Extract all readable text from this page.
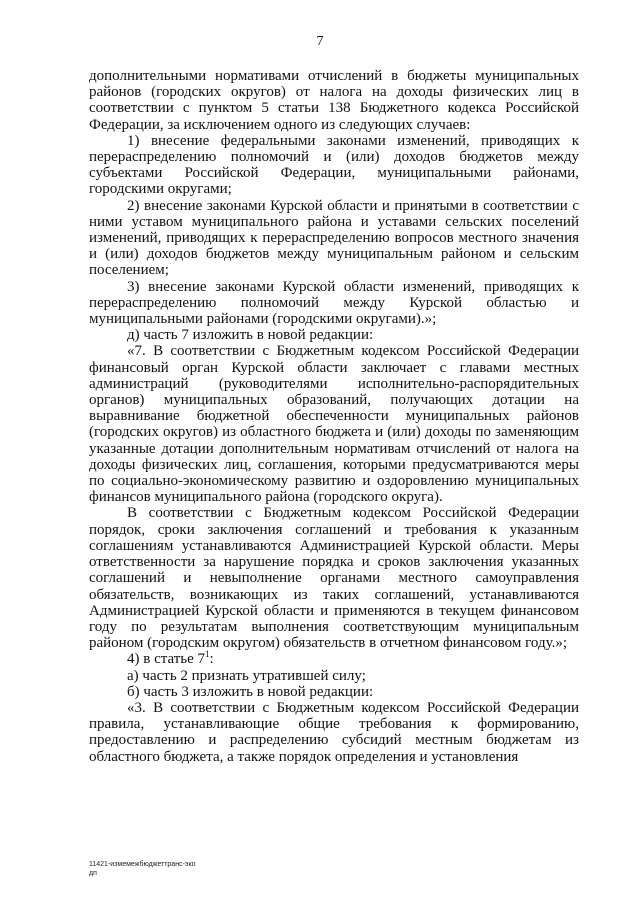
7

дополнительными нормативами отчислений в бюджеты муниципальных районов (городских округов) от налога на доходы физических лиц в соответствии с пунктом 5 статьи 138 Бюджетного кодекса Российской Федерации, за исключением одного из следующих случаев:

1) внесение федеральными законами изменений, приводящих к перераспределению полномочий и (или) доходов бюджетов между субъектами Российской Федерации, муниципальными районами, городскими округами;

2) внесение законами Курской области и принятыми в соответствии с ними уставом муниципального района и уставами сельских поселений изменений, приводящих к перераспределению вопросов местного значения и (или) доходов бюджетов между муниципальным районом и сельским поселением;

3) внесение законами Курской области изменений, приводящих к перераспределению полномочий между Курской областью и муниципальными районами (городскими округами).»;

д) часть 7 изложить в новой редакции:

«7. В соответствии с Бюджетным кодексом Российской Федерации финансовый орган Курской области заключает с главами местных администраций (руководителями исполнительно-распорядительных органов) муниципальных образований, получающих дотации на выравнивание бюджетной обеспеченности муниципальных районов (городских округов) из областного бюджета и (или) доходы по заменяющим указанные дотации дополнительным нормативам отчислений от налога на доходы физических лиц, соглашения, которыми предусматриваются меры по социально-экономическому развитию и оздоровлению муниципальных финансов муниципального района (городского округа).

В соответствии с Бюджетным кодексом Российской Федерации порядок, сроки заключения соглашений и требования к указанным соглашениям устанавливаются Администрацией Курской области. Меры ответственности за нарушение порядка и сроков заключения указанных соглашений и невыполнение органами местного самоуправления обязательств, возникающих из таких соглашений, устанавливаются Администрацией Курской области и применяются в текущем финансовом году по результатам выполнения соответствующим муниципальным районом (городским округом) обязательств в отчетном финансовом году.»;

4) в статье $7^1$:

а) часть 2 признать утратившей силу;

б) часть 3 изложить в новой редакции:

«3. В соответствии с Бюджетным кодексом Российской Федерации правила, устанавливающие общие требования к формированию, предоставлению и распределению субсидий местным бюджетам из областного бюджета, а также порядок определения и установления

11421-измемежбюджеттранс-эко
дп
